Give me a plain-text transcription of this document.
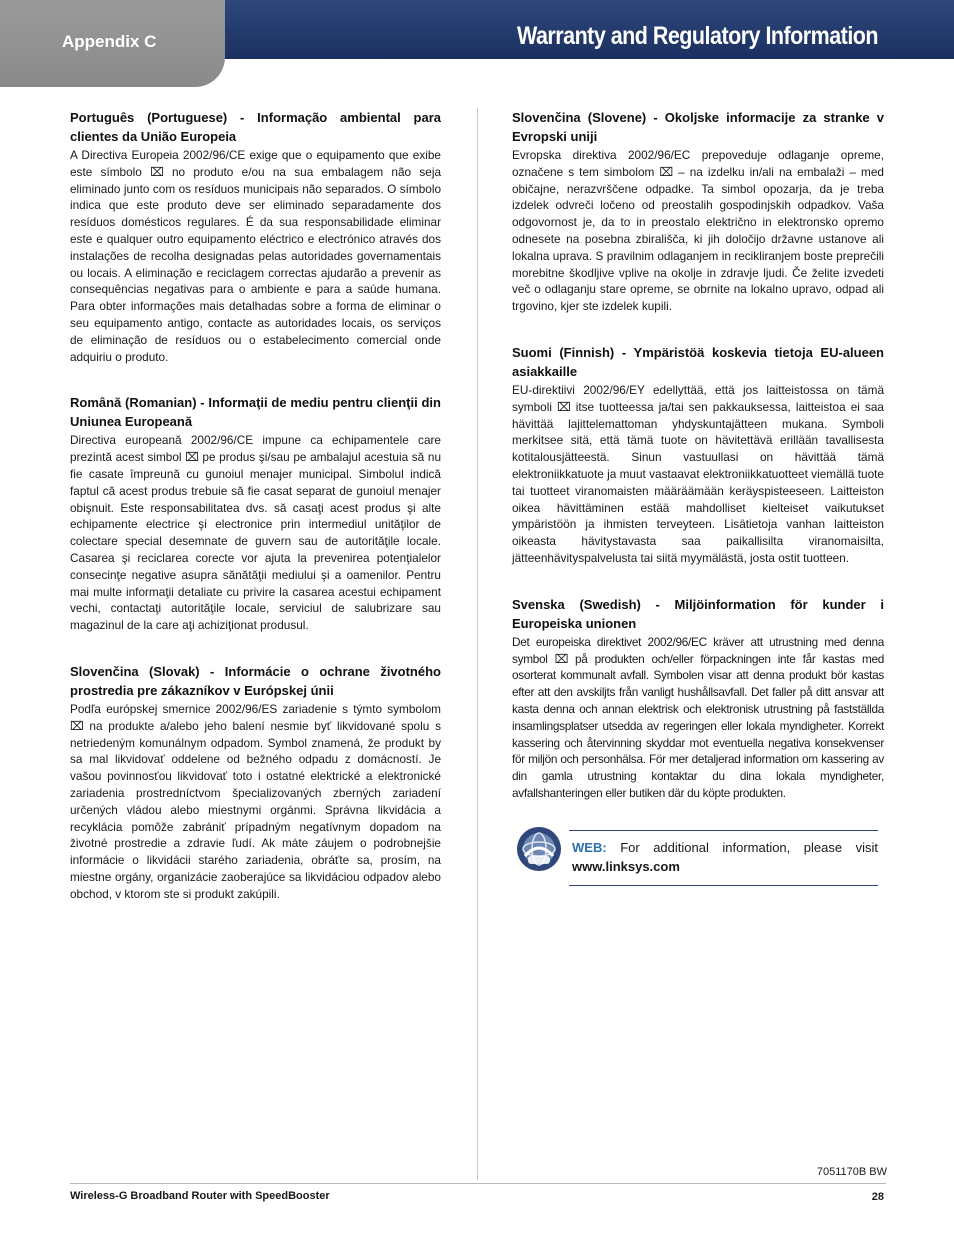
Appendix C	Warranty and Regulatory Information

Português (Portuguese) - Informação ambiental para clientes da União Europeia

A Directiva Europeia 2002/96/CE exige que o equipamento que exibe este símbolo ⌧ no produto e/ou na sua embalagem não seja eliminado junto com os resíduos municipais não separados. O símbolo indica que este produto deve ser eliminado separadamente dos resíduos domésticos regulares. É da sua responsabilidade eliminar este e qualquer outro equipamento eléctrico e electrónico através dos instalações de recolha designadas pelas autoridades governamentais ou locais. A eliminação e reciclagem correctas ajudarão a prevenir as consequências negativas para o ambiente e para a saúde humana. Para obter informações mais detalhadas sobre a forma de eliminar o seu equipamento antigo, contacte as autoridades locais, os serviços de eliminação de resíduos ou o estabelecimento comercial onde adquiriu o produto.

Română (Romanian) - Informaţii de mediu pentru clienţii din Uniunea Europeană

Directiva europeană 2002/96/CE impune ca echipamentele care prezintă acest simbol ⌧ pe produs şi/sau pe ambalajul acestuia să nu fie casate împreună cu gunoiul menajer municipal. Simbolul indică faptul că acest produs trebuie să fie casat separat de gunoiul menajer obişnuit. Este responsabilitatea dvs. să casaţi acest produs şi alte echipamente electrice şi electronice prin intermediul unităţilor de colectare special desemnate de guvern sau de autorităţile locale. Casarea şi reciclarea corecte vor ajuta la prevenirea potenţialelor consecinţe negative asupra sănătăţii mediului şi a oamenilor. Pentru mai multe informaţii detaliate cu privire la casarea acestui echipament vechi, contactaţi autorităţile locale, serviciul de salubrizare sau magazinul de la care aţi achiziţionat produsul.

Slovenčina (Slovak) - Informácie o ochrane životného prostredia pre zákazníkov v Európskej únii

Podľa európskej smernice 2002/96/ES zariadenie s týmto symbolom ⌧ na produkte a/alebo jeho balení nesmie byť likvidované spolu s netriedeným komunálnym odpadom. Symbol znamená, že produkt by sa mal likvidovať oddelene od bežného odpadu z domácností. Je vašou povinnosťou likvidovať toto i ostatné elektrické a elektronické zariadenia prostredníctvom špecializovaných zberných zariadení určených vládou alebo miestnymi orgánmi. Správna likvidácia a recyklácia pomôže zabrániť prípadným negatívnym dopadom na životné prostredie a zdravie ľudí. Ak máte záujem o podrobnejšie informácie o likvidácii starého zariadenia, obráťte sa, prosím, na miestne orgány, organizácie zaoberajúce sa likvidáciou odpadov alebo obchod, v ktorom ste si produkt zakúpili.

Slovenčina (Slovene) - Okoljske informacije za stranke v Evropski uniji

Evropska direktiva 2002/96/EC prepoveduje odlaganje opreme, označene s tem simbolom ⌧ – na izdelku in/ali na embalaži – med običajne, nerazvrščene odpadke. Ta simbol opozarja, da je treba izdelek odvreči ločeno od preostalih gospodinjskih odpadkov. Vaša odgovornost je, da to in preostalo električno in elektronsko opremo odnesete na posebna zbirališča, ki jih določijo državne ustanove ali lokalna uprava. S pravilnim odlaganjem in recikliranjem boste preprečili morebitne škodljive vplive na okolje in zdravje ljudi. Če želite izvedeti več o odlaganju stare opreme, se obrnite na lokalno upravo, odpad ali trgovino, kjer ste izdelek kupili.

Suomi (Finnish) - Ympäristöä koskevia tietoja EU-alueen asiakkaille

EU-direktiivi 2002/96/EY edellyttää, että jos laitteistossa on tämä symboli ⌧ itse tuotteessa ja/tai sen pakkauksessa, laitteistoa ei saa hävittää lajittelemattoman yhdyskuntajätteen mukana. Symboli merkitsee sitä, että tämä tuote on hävitettävä erillään tavallisesta kotitalousjätteestä. Sinun vastuullasi on hävittää tämä elektroniikkatuote ja muut vastaavat elektroniikkatuotteet viemällä tuote tai tuotteet viranomaisten määräämään keräyspisteeseen. Laitteiston oikea hävittäminen estää mahdolliset kielteiset vaikutukset ympäristöön ja ihmisten terveyteen. Lisätietoja vanhan laitteiston oikeasta hävitystavasta saa paikallisilta viranomaisilta, jätteenhävityspalvelusta tai siitä myymälästä, josta ostit tuotteen.

Svenska (Swedish) - Miljöinformation för kunder i Europeiska unionen

Det europeiska direktivet 2002/96/EC kräver att utrustning med denna symbol ⌧ på produkten och/eller förpackningen inte får kastas med osorterat kommunalt avfall. Symbolen visar att denna produkt bör kastas efter att den avskiljts från vanligt hushållsavfall. Det faller på ditt ansvar att kasta denna och annan elektrisk och elektronisk utrustning på fastställda insamlingsplatser utsedda av regeringen eller lokala myndigheter. Korrekt kassering och återvinning skyddar mot eventuella negativa konsekvenser för miljön och personhälsa. För mer detaljerad information om kassering av din gamla utrustning kontaktar du dina lokala myndigheter, avfallshanteringen eller butiken där du köpte produkten.

WEB: For additional information, please visit www.linksys.com
7051170B BW
Wireless-G Broadband Router with SpeedBooster	28
